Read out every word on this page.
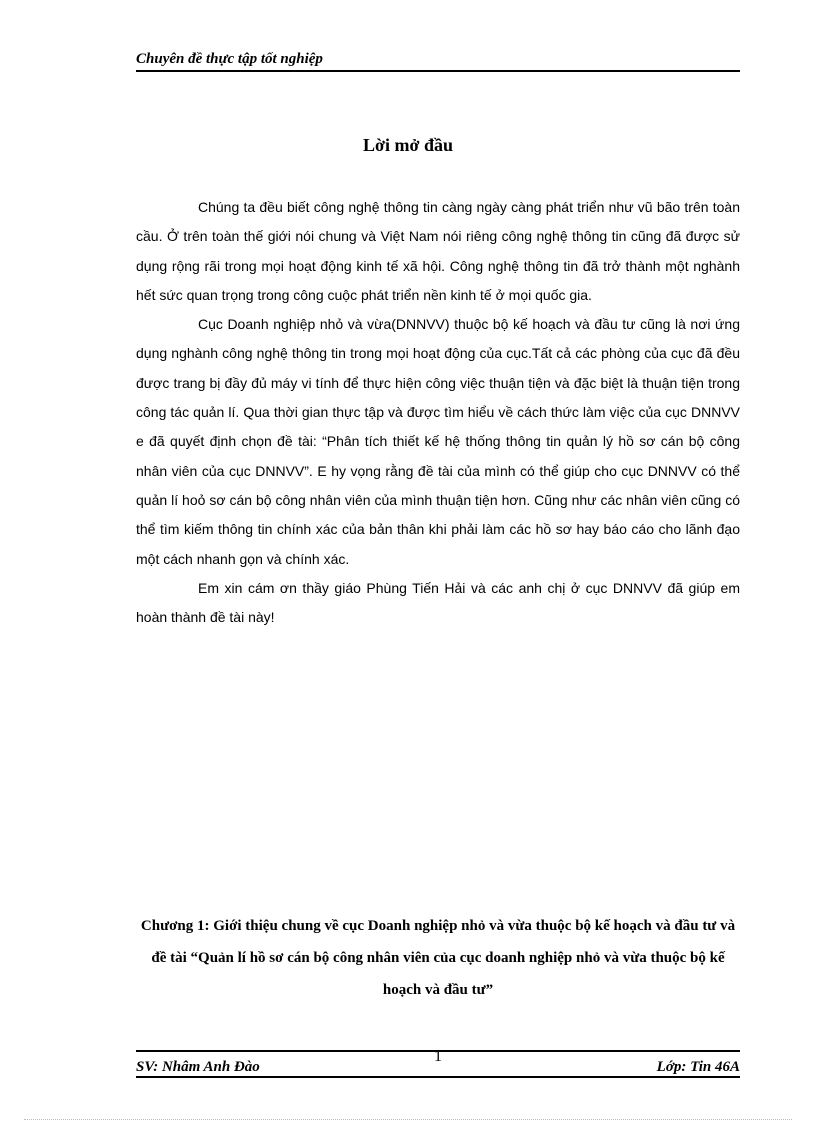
Chuyên đề thực tập tốt nghiệp
Lời mở đầu

Chúng ta đều biết công nghệ thông tin càng ngày càng phát triển như vũ bão trên toàn cầu. Ở trên toàn thế giới nói chung và Việt Nam nói riêng công nghệ thông tin cũng đã được sử dụng rộng rãi trong mọi hoạt động kinh tế xã hội. Công nghệ thông tin đã trở thành một nghành hết sức quan trọng trong công cuộc phát triển nền kinh tế ở mọi quốc gia.

Cục Doanh nghiệp nhỏ và vừa(DNNVV) thuộc bộ kế hoạch và đầu tư cũng là nơi ứng dụng nghành công nghệ thông tin trong mọi hoạt động của cục.Tất cả các phòng của cục đã đều được trang bị đầy đủ máy vi tính để thực hiện công việc thuận tiện và đặc biệt là thuận tiện trong công tác quản lí. Qua thời gian thực tập và được tìm hiểu về cách thức làm việc của cục DNNVV e đã quyết định chọn đề tài: “Phân tích thiết kế hệ thống thông tin quản lý hồ sơ cán bộ công nhân viên của cục DNNVV”. E hy vọng rằng đề tài của mình có thể giúp cho cục DNNVV có thể quản lí hoỏ sơ cán bộ công nhân viên của mình thuận tiện hơn. Cũng như các nhân viên cũng có thể tìm kiếm thông tin chính xác của bản thân khi phải làm các hồ sơ hay báo cáo cho lãnh đạo một cách nhanh gọn và chính xác.

Em xin cám ơn thầy giáo Phùng Tiến Hải và các anh chị ở cục DNNVV đã giúp em hoàn thành đề tài này!

Chương 1: Giới thiệu chung về cục Doanh nghiệp nhỏ và vừa thuộc bộ kế hoạch và đầu tư và đề tài “Quản lí hồ sơ cán bộ công nhân viên của cục doanh nghiệp nhỏ và vừa thuộc bộ kế hoạch và đầu tư”
SV: Nhâm Anh Đào
1
Lớp: Tin 46A
